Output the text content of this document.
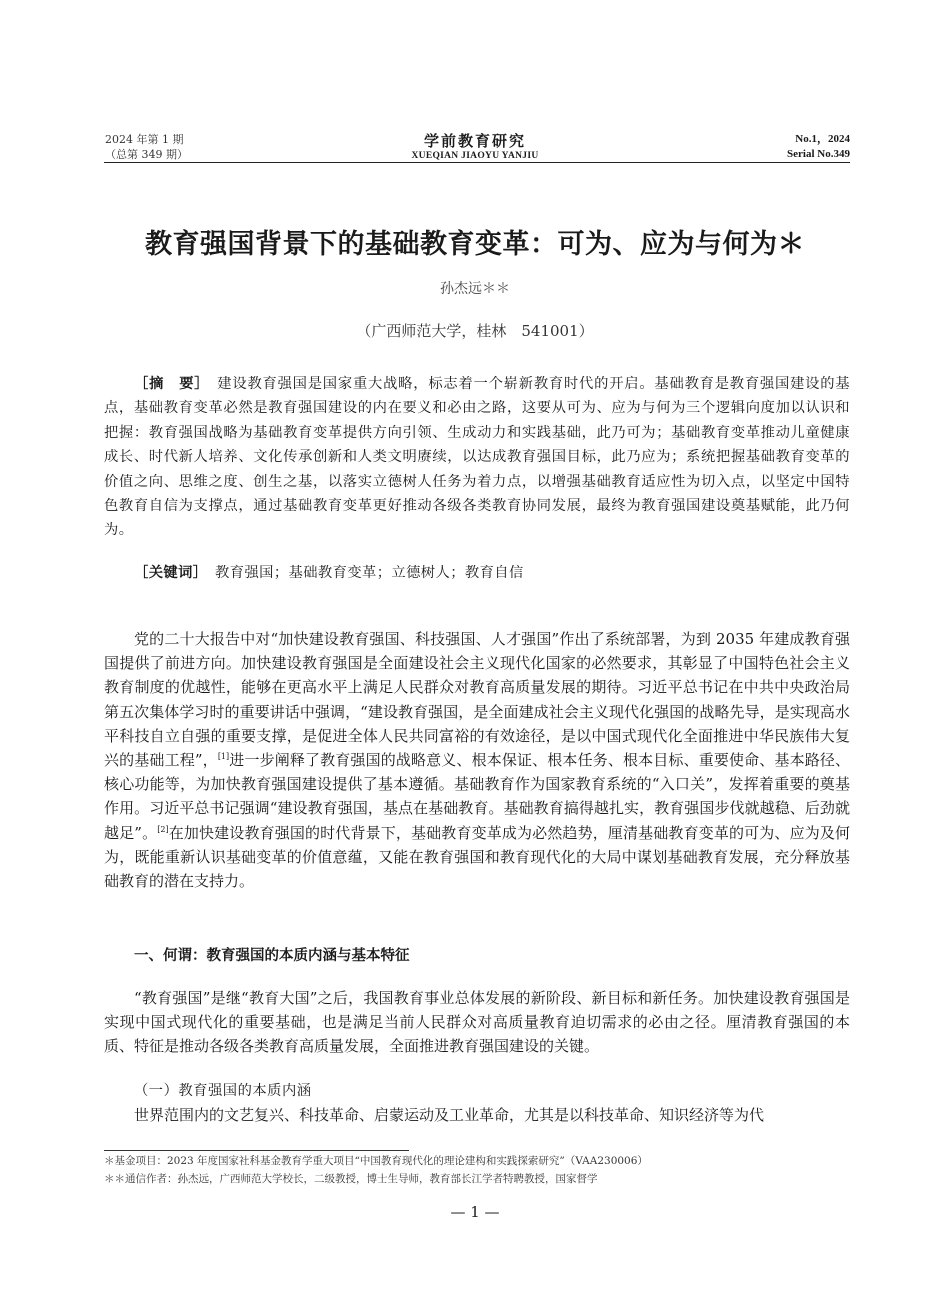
2024 年第 1 期
（总第 349 期）
学前教育研究
XUEQIAN JIAOYU YANJIU
No.1，2024
Serial No.349
教育强国背景下的基础教育变革：可为、应为与何为＊
孙杰远＊＊
（广西师范大学，桂林　541001）
［摘　要］　 建设教育强国是国家重大战略，标志着一个崭新教育时代的开启。基础教育是教育强国建设的基点，基础教育变革必然是教育强国建设的内在要义和必由之路，这要从可为、应为与何为三个逻辑向度加以认识和把握：教育强国战略为基础教育变革提供方向引领、生成动力和实践基础，此乃可为；基础教育变革推动儿童健康成长、时代新人培养、文化传承创新和人类文明赓续，以达成教育强国目标，此乃应为；系统把握基础教育变革的价值之向、思维之度、创生之基，以落实立德树人任务为着力点，以增强基础教育适应性为切入点，以坚定中国特色教育自信为支撑点，通过基础教育变革更好推动各级各类教育协同发展，最终为教育强国建设奠基赋能，此乃何为。
［关键词］　 教育强国；基础教育变革；立德树人；教育自信

党的二十大报告中对“加快建设教育强国、科技强国、人才强国”作出了系统部署，为到 2035 年建成教育强国提供了前进方向。加快建设教育强国是全面建设社会主义现代化国家的必然要求，其彰显了中国特色社会主义教育制度的优越性，能够在更高水平上满足人民群众对教育高质量发展的期待。习近平总书记在中共中央政治局第五次集体学习时的重要讲话中强调，“建设教育强国，是全面建成社会主义现代化强国的战略先导，是实现高水平科技自立自强的重要支撑，是促进全体人民共同富裕的有效途径，是以中国式现代化全面推进中华民族伟大复兴的基础工程”，[1]进一步阐释了教育强国的战略意义、根本保证、根本任务、根本目标、重要使命、基本路径、核心功能等，为加快教育强国建设提供了基本遵循。基础教育作为国家教育系统的“入口关”，发挥着重要的奠基作用。习近平总书记强调“建设教育强国，基点在基础教育。基础教育搞得越扎实，教育强国步伐就越稳、后劲就越足”。[2]在加快建设教育强国的时代背景下，基础教育变革成为必然趋势，厘清基础教育变革的可为、应为及何为，既能重新认识基础变革的价值意蕴，又能在教育强国和教育现代化的大局中谋划基础教育发展，充分释放基础教育的潜在支持力。

一、何谓：教育强国的本质内涵与基本特征

“教育强国”是继“教育大国”之后，我国教育事业总体发展的新阶段、新目标和新任务。加快建设教育强国是实现中国式现代化的重要基础，也是满足当前人民群众对高质量教育迫切需求的必由之径。厘清教育强国的本质、特征是推动各级各类教育高质量发展，全面推进教育强国建设的关键。

（一）教育强国的本质内涵

世界范围内的文艺复兴、科技革命、启蒙运动及工业革命，尤其是以科技革命、知识经济等为代

＊基金项目：2023 年度国家社科基金教育学重大项目“中国教育现代化的理论建构和实践探索研究”（VAA230006）
＊＊通信作者：孙杰远，广西师范大学校长，二级教授，博士生导师，教育部长江学者特聘教授，国家督学
— 1 —
